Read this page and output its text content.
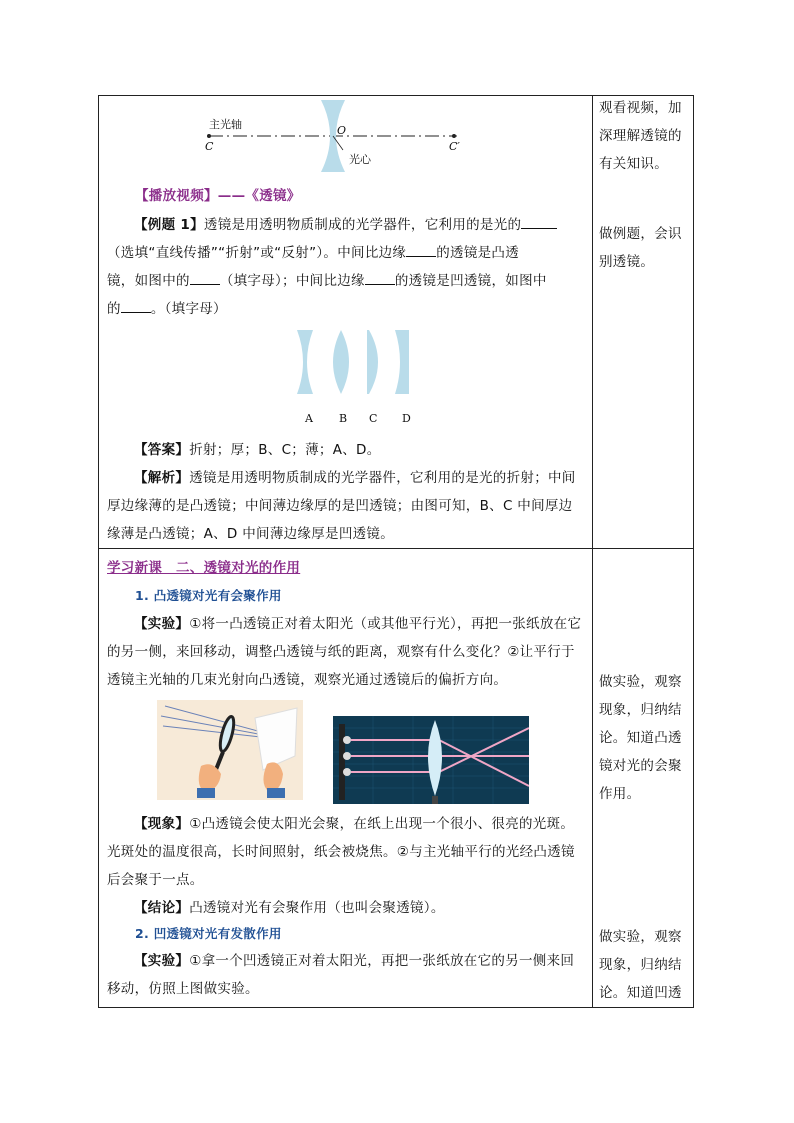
主光轴
C
O
C′
光心
【播放视频】——《透镜》
【例题 1】透镜是用透明物质制成的光学器件，它利用的是光的
（选填“直线传播”“折射”或“反射”）。中间比边缘 的透镜是凸透
镜，如图中的 （填字母）；中间比边缘 的透镜是凹透镜，如图中
的 。（填字母）
A B C D
【答案】折射；厚；B、C；薄；A、D。
【解析】透镜是用透明物质制成的光学器件，它利用的是光的折射；中间厚边缘薄的是凸透镜；中间薄边缘厚的是凹透镜；由图可知，B、C 中间厚边缘薄是凸透镜；A、D 中间薄边缘厚是凹透镜。
观看视频，加深理解透镜的有关知识。
做例题，会识别透镜。
学习新课　二、透镜对光的作用
1. 凸透镜对光有会聚作用
【实验】①将一凸透镜正对着太阳光（或其他平行光），再把一张纸放在它的另一侧，来回移动，调整凸透镜与纸的距离，观察有什么变化？②让平行于透镜主光轴的几束光射向凸透镜，观察光通过透镜后的偏折方向。
【现象】①凸透镜会使太阳光会聚，在纸上出现一个很小、很亮的光斑。光斑处的温度很高，长时间照射，纸会被烧焦。②与主光轴平行的光经凸透镜后会聚于一点。
【结论】凸透镜对光有会聚作用（也叫会聚透镜）。
2. 凹透镜对光有发散作用
【实验】①拿一个凹透镜正对着太阳光，再把一张纸放在它的另一侧来回移动，仿照上图做实验。
做实验，观察现象，归纳结论。知道凸透镜对光的会聚作用。
做实验，观察现象，归纳结论。知道凹透
